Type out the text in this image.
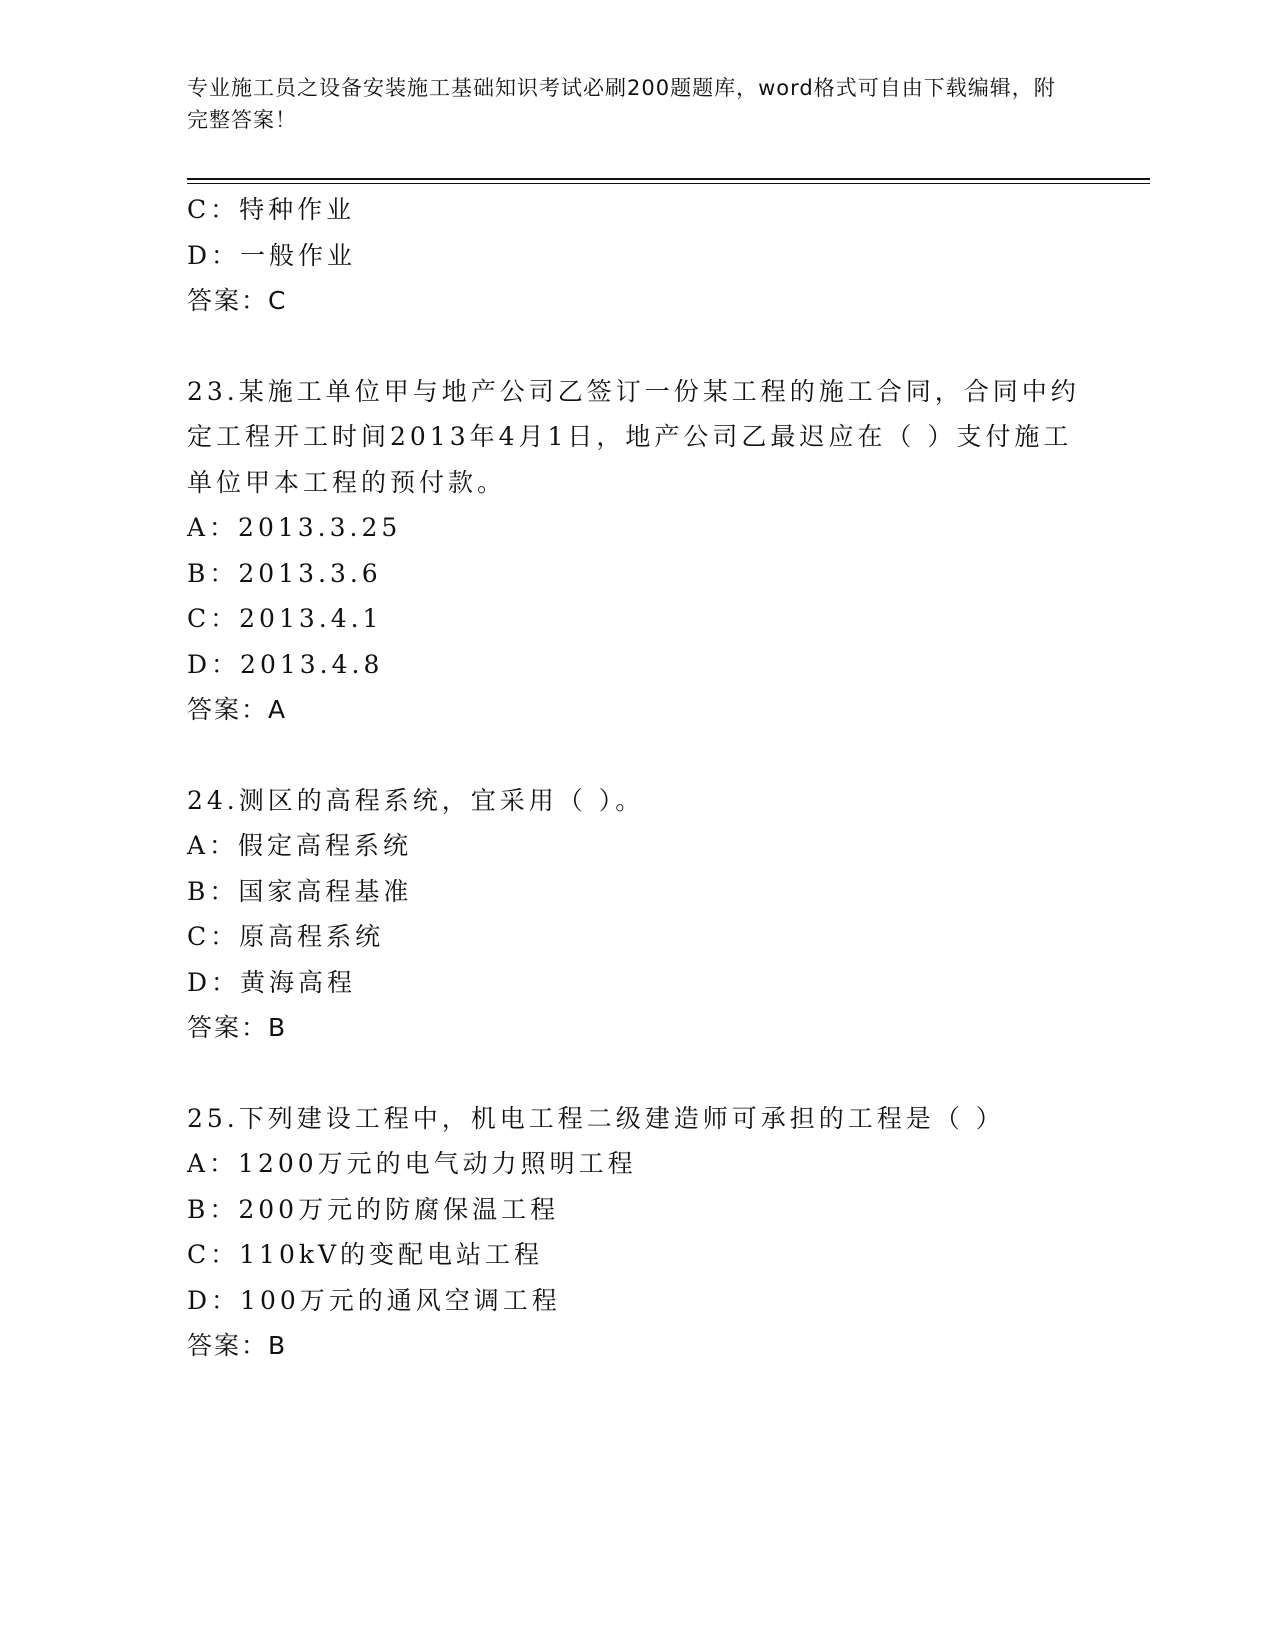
专业施工员之设备安装施工基础知识考试必刷200题题库，word格式可自由下载编辑，附完整答案！
C：特种作业
D：一般作业
答案：C
23.某施工单位甲与地产公司乙签订一份某工程的施工合同，合同中约定工程开工时间2013年4月1日，地产公司乙最迟应在（ ）支付施工单位甲本工程的预付款。
A：2013.3.25
B：2013.3.6
C：2013.4.1
D：2013.4.8
答案：A
24.测区的高程系统，宜采用（ ）。
A：假定高程系统
B：国家高程基准
C：原高程系统
D：黄海高程
答案：B
25.下列建设工程中，机电工程二级建造师可承担的工程是（ ）
A：1200万元的电气动力照明工程
B：200万元的防腐保温工程
C：110kV的变配电站工程
D：100万元的通风空调工程
答案：B
